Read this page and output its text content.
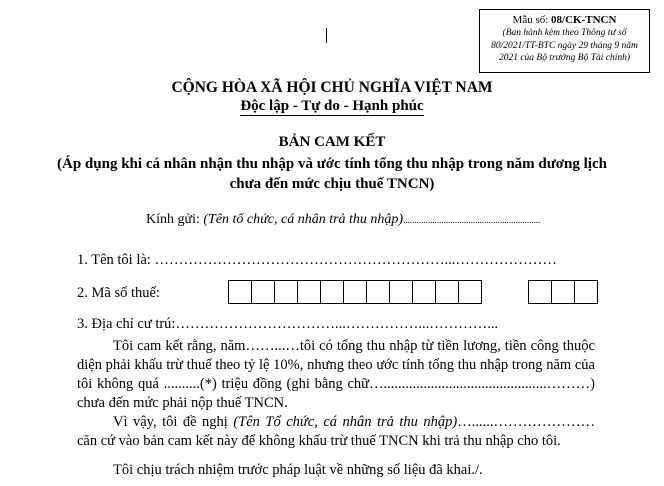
Mẫu số: 08/CK-TNCN
(Ban hành kèm theo Thông tư số 80/2021/TT-BTC ngày 29 tháng 9 năm 2021 của Bộ trưởng Bộ Tài chính)
CỘNG HÒA XÃ HỘI CHỦ NGHĨA VIỆT NAM
Độc lập - Tự do - Hạnh phúc
BẢN CAM KẾT
(Áp dụng khi cá nhân nhận thu nhập và ước tính tổng thu nhập trong năm dương lịch chưa đến mức chịu thuế TNCN)
Kính gửi: (Tên tổ chức, cá nhân trả thu nhập).............................................................
1. Tên tôi là: ……………………………………………………...…………………
2. Mã số thuế:
3. Địa chỉ cư trú:……………………………...……………...…………...

Tôi cam kết rằng, năm……...…tôi có tổng thu nhập từ tiền lương, tiền công thuộc diện phải khấu trừ thuế theo tỷ lệ 10%, nhưng theo ước tính tổng thu nhập trong năm của tôi không quá ..........(*) triệu đồng (ghi bằng chữ….............................................………) chưa đến mức phải nộp thuế TNCN.

Vì vậy, tôi đề nghị (Tên Tổ chức, cá nhân trả thu nhập)…......………………… căn cứ vào bản cam kết này để không khấu trừ thuế TNCN khi trả thu nhập cho tôi.

Tôi chịu trách nhiệm trước pháp luật về những số liệu đã khai./.
